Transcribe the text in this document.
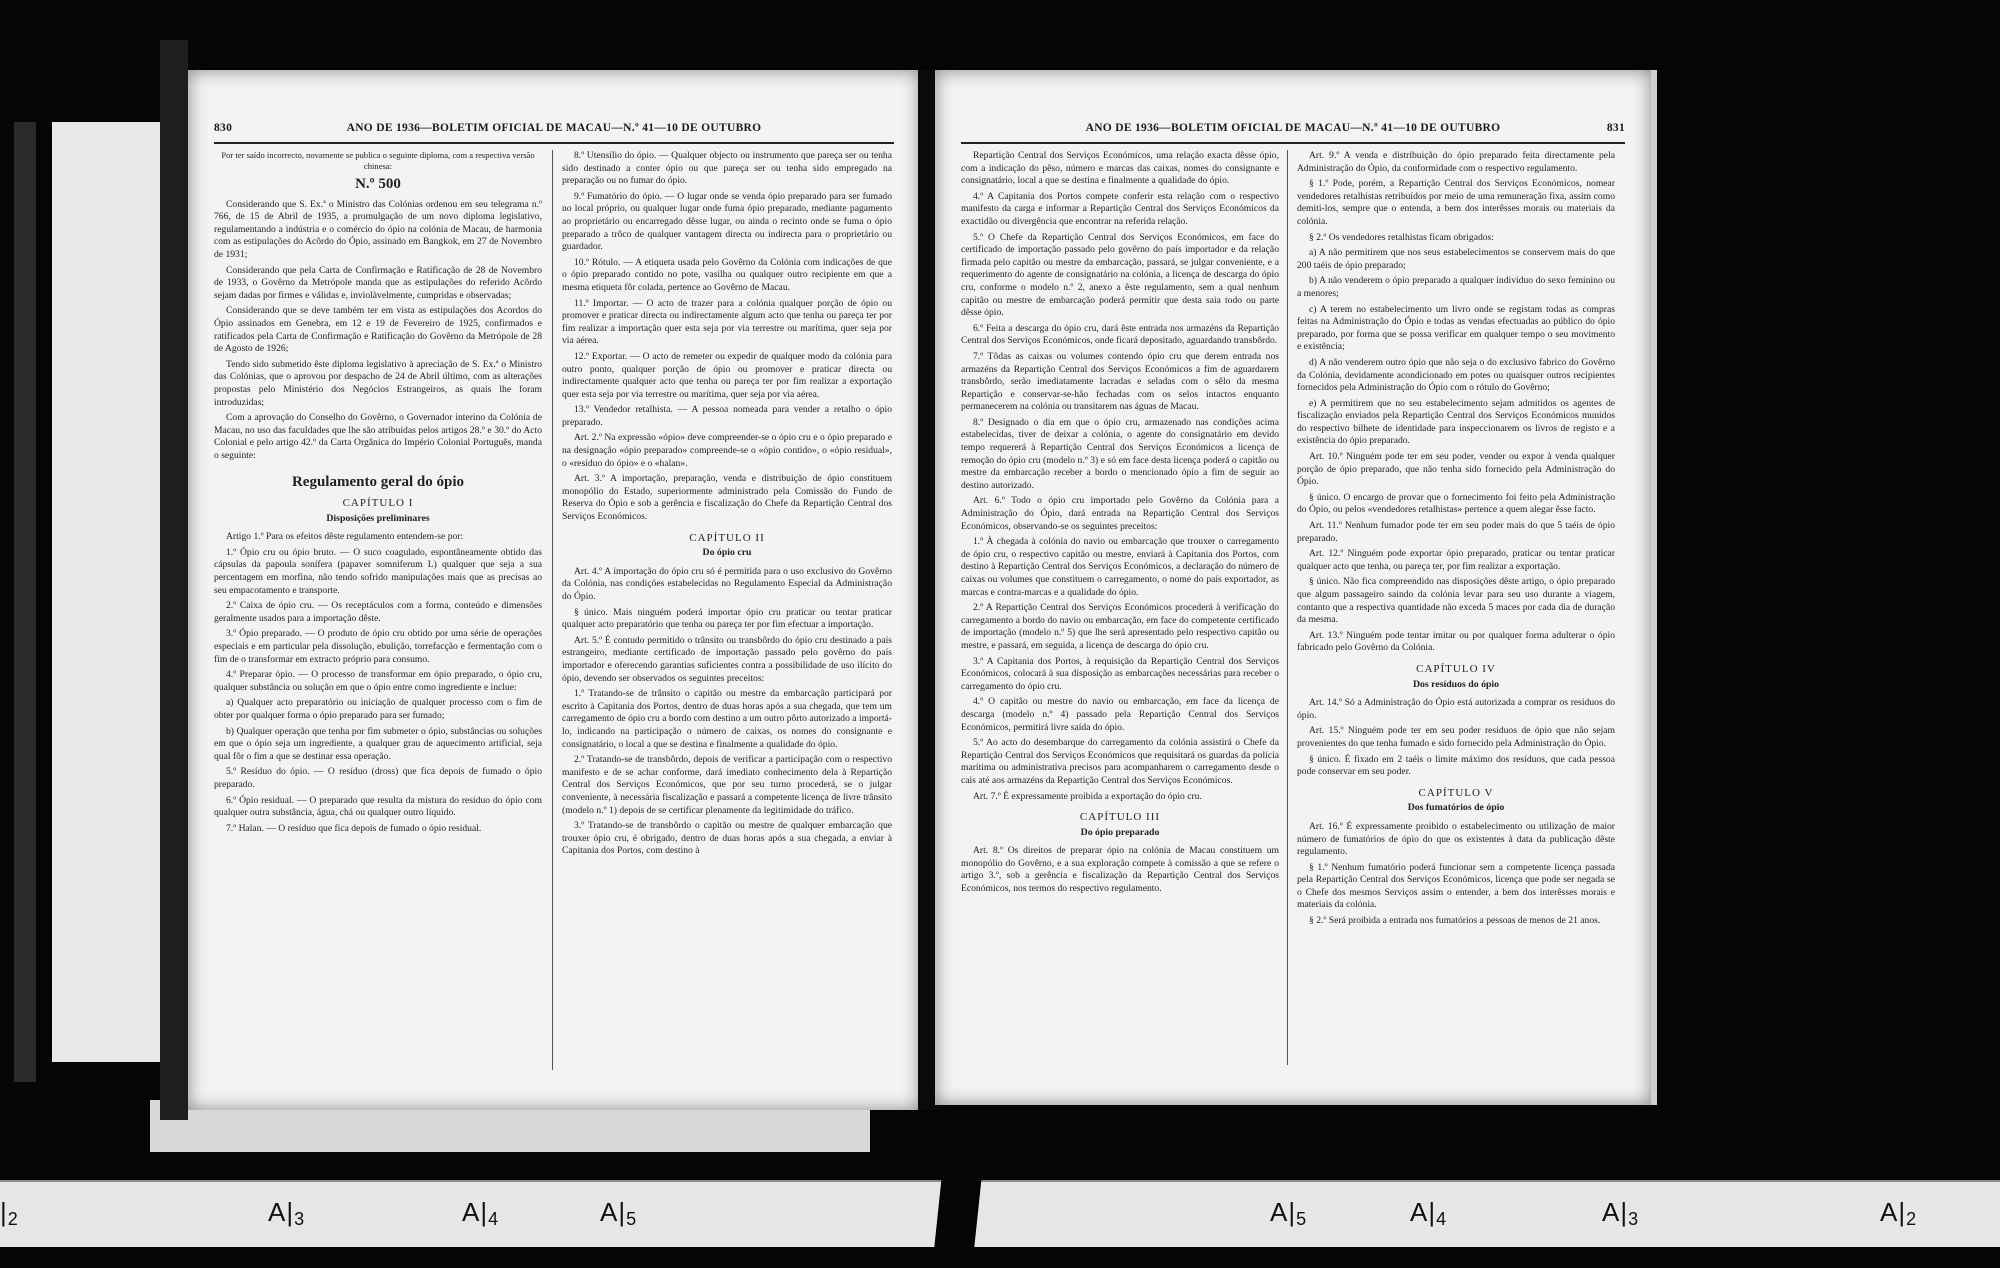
830	ANO DE 1936—BOLETIM OFICIAL DE MACAU—N.º 41—10 DE OUTUBRO

Por ter saído incorrecto, novamente se publica o seguinte diploma, com a respectiva versão chinesa:

N.º 500

Considerando que S. Ex.ª o Ministro das Colónias ordenou em seu telegrama n.º 766, de 15 de Abril de 1935, a promulgação de um novo diploma legislativo, regulamentando a indústria e o comércio do ópio na colónia de Macau, de harmonia com as estipulações do Acôrdo do Ópio, assinado em Bangkok, em 27 de Novembro de 1931;

Considerando que pela Carta de Confirmação e Ratificação de 28 de Novembro de 1933, o Govêrno da Metrópole manda que as estipulações do referido Acôrdo sejam dadas por firmes e válidas e, inviolàvelmente, cumpridas e observadas;

Considerando que se deve também ter em vista as estipulações dos Acordos do Ópio assinados em Genebra, em 12 e 19 de Fevereiro de 1925, confirmados e ratificados pela Carta de Confirmação e Ratificação do Govêrno da Metrópole de 28 de Agosto de 1926;

Tendo sido submetido êste diploma legislativo à apreciação de S. Ex.ª o Ministro das Colónias, que o aprovou por despacho de 24 de Abril último, com as alterações propostas pelo Ministério dos Negócios Estrangeiros, as quais lhe foram introduzidas;

Com a aprovação do Conselho do Govêrno, o Governador interino da Colónia de Macau, no uso das faculdades que lhe são atribuídas pelos artigos 28.º e 30.º do Acto Colonial e pelo artigo 42.º da Carta Orgânica do Império Colonial Português, manda o seguinte:

Regulamento geral do ópio
CAPÍTULO I
Disposições preliminares

Artigo 1.º Para os efeitos dêste regulamento entendem-se por:

1.º Ópio cru ou ópio bruto. — O suco coagulado, espontâneamente obtido das cápsulas da papoula sonífera (papaver somniferum L) qualquer que seja a sua percentagem em morfina, não tendo sofrido manipulações mais que as precisas ao seu empacotamento e transporte.

2.º Caixa de ópio cru. — Os receptáculos com a forma, conteúdo e dimensões geralmente usados para a importação dêste.

3.º Ópio preparado. — O produto de ópio cru obtido por uma série de operações especiais e em particular pela dissolução, ebulição, torrefacção e fermentação com o fim de o transformar em extracto próprio para consumo.

4.º Preparar ópio. — O processo de transformar em ópio preparado, o ópio cru, qualquer substância ou solução em que o ópio entre como ingrediente e inclue:

a) Qualquer acto preparatório ou iniciação de qualquer processo com o fim de obter por qualquer forma o ópio preparado para ser fumado;

b) Qualquer operação que tenha por fim submeter o ópio, substâncias ou soluções em que o ópio seja um ingrediente, a qualquer grau de aquecimento artificial, seja qual fôr o fim a que se destinar essa operação.

5.º Resíduo do ópio. — O resíduo (dross) que fica depois de fumado o ópio preparado.

6.º Ópio residual. — O preparado que resulta da mistura do resíduo do ópio com qualquer outra substância, água, chá ou qualquer outro líquido.

7.º Halan. — O resíduo que fica depois de fumado o ópio residual.

8.º Utensílio do ópio. — Qualquer objecto ou instrumento que pareça ser ou tenha sido destinado a conter ópio ou que pareça ser ou tenha sido empregado na preparação ou no fumar do ópio.

9.º Fumatório do ópio. — O lugar onde se venda ópio preparado para ser fumado no local próprio, ou qualquer lugar onde fuma ópio preparado, mediante pagamento ao proprietário ou encarregado dêsse lugar, ou ainda o recinto onde se fuma o ópio preparado a trôco de qualquer vantagem directa ou indirecta para o proprietário ou guardador.

10.º Rótulo. — A etiqueta usada pelo Govêrno da Colónia com indicações de que o ópio preparado contido no pote, vasilha ou qualquer outro recipiente em que a mesma etiqueta fôr colada, pertence ao Govêrno de Macau.

11.º Importar. — O acto de trazer para a colónia qualquer porção de ópio ou promover e praticar directa ou indirectamente algum acto que tenha ou pareça ter por fim realizar a importação quer esta seja por via terrestre ou marítima, quer seja por via aérea.

12.º Exportar. — O acto de remeter ou expedir de qualquer modo da colónia para outro ponto, qualquer porção de ópio ou promover e praticar directa ou indirectamente qualquer acto que tenha ou pareça ter por fim realizar a exportação quer esta seja por via terrestre ou marítima, quer seja por via aérea.

13.º Vendedor retalhista. — A pessoa nomeada para vender a retalho o ópio preparado.

Art. 2.º Na expressão «ópio» deve compreender-se o ópio cru e o ópio preparado e na designação «ópio preparado» compreende-se o «ópio contido», o «ópio residual», o «resíduo do ópio» e o «halan».

Art. 3.º A importação, preparação, venda e distribuição de ópio constituem monopólio do Estado, superiormente administrado pela Comissão do Fundo de Reserva do Ópio e sob a gerência e fiscalização do Chefe da Repartição Central dos Serviços Económicos.

CAPÍTULO II
Do ópio cru

Art. 4.º A importação do ópio cru só é permitida para o uso exclusivo do Govêrno da Colónia, nas condições estabelecidas no Regulamento Especial da Administração do Ópio.

§ único. Mais ninguém poderá importar ópio cru praticar ou tentar praticar qualquer acto preparatório que tenha ou pareça ter por fim efectuar a importação.

Art. 5.º É contudo permitido o trânsito ou transbôrdo do ópio cru destinado a país estrangeiro, mediante certificado de importação passado pelo govêrno do país importador e oferecendo garantias suficientes contra a possibilidade de uso ilícito do ópio, devendo ser observados os seguintes preceitos:

1.º Tratando-se de trânsito o capitão ou mestre da embarcação participará por escrito à Capitania dos Portos, dentro de duas horas após a sua chegada, que tem um carregamento de ópio cru a bordo com destino a um outro pôrto autorizado a importá-lo, indicando na participação o número de caixas, os nomes do consignante e consignatário, o local a que se destina e finalmente a qualidade do ópio.

2.º Tratando-se de transbôrdo, depois de verificar a participação com o respectivo manifesto e de se achar conforme, dará imediato conhecimento dela à Repartição Central dos Serviços Económicos, que por seu turno procederá, se o julgar conveniente, à necessária fiscalização e passará a competente licença de livre trânsito (modelo n.º 1) depois de se certificar plenamente da legitimidade do tráfico.

3.º Tratando-se de transbôrdo o capitão ou mestre de qualquer embarcação que trouxer ópio cru, é obrigado, dentro de duas horas após a sua chegada, a enviar à Capitania dos Portos, com destino à

ANO DE 1936—BOLETIM OFICIAL DE MACAU—N.º 41—10 DE OUTUBRO	831

Repartição Central dos Serviços Económicos, uma relação exacta dêsse ópio, com a indicação do pêso, número e marcas das caixas, nomes do consignante e consignatário, local a que se destina e finalmente a qualidade do ópio.

4.º A Capitania dos Portos compete conferir esta relação com o respectivo manifesto da carga e informar a Repartição Central dos Serviços Económicos da exactidão ou divergência que encontrar na referida relação.

5.º O Chefe da Repartição Central dos Serviços Económicos, em face do certificado de importação passado pelo govêrno do país importador e da relação firmada pelo capitão ou mestre da embarcação, passará, se julgar conveniente, e a requerimento do agente de consignatário na colónia, a licença de descarga do ópio cru, conforme o modelo n.º 2, anexo a êste regulamento, sem a qual nenhum capitão ou mestre de embarcação poderá permitir que desta saia todo ou parte dêsse ópio.

6.º Feita a descarga do ópio cru, dará êste entrada nos armazéns da Repartição Central dos Serviços Económicos, onde ficará depositado, aguardando transbôrdo.

7.º Tôdas as caixas ou volumes contendo ópio cru que derem entrada nos armazéns da Repartição Central dos Serviços Económicos a fim de aguardarem transbôrdo, serão imediatamente lacradas e seladas com o sêlo da mesma Repartição e conservar-se-hão fechadas com os selos intactos enquanto permanecerem na colónia ou transitarem nas águas de Macau.

8.º Designado o dia em que o ópio cru, armazenado nas condições acima estabelecidas, tiver de deixar a colónia, o agente do consignatário em devido tempo requererá à Repartição Central dos Serviços Económicos a licença de remoção do ópio cru (modelo n.º 3) e só em face desta licença poderá o capitão ou mestre da embarcação receber a bordo o mencionado ópio a fim de seguir ao destino autorizado.

Art. 6.º Todo o ópio cru importado pelo Govêrno da Colónia para a Administração do Ópio, dará entrada na Repartição Central dos Serviços Económicos, observando-se os seguintes preceitos:

1.º À chegada à colónia do navio ou embarcação que trouxer o carregamento de ópio cru, o respectivo capitão ou mestre, enviará à Capitania dos Portos, com destino à Repartição Central dos Serviços Económicos, a declaração do número de caixas ou volumes que constituem o carregamento, o nome do país exportador, as marcas e contra-marcas e a qualidade do ópio.

2.º A Repartição Central dos Serviços Económicos procederá à verificação do carregamento a bordo do navio ou embarcação, em face do competente certificado de importação (modelo n.º 5) que lhe será apresentado pelo respectivo capitão ou mestre, e passará, em seguida, a licença de descarga do ópio cru.

3.º A Capitania dos Portos, à requisição da Repartição Central dos Serviços Económicos, colocará à sua disposição as embarcações necessárias para receber o carregamento do ópio cru.

4.º O capitão ou mestre do navio ou embarcação, em face da licença de descarga (modelo n.º 4) passado pela Repartição Central dos Serviços Económicos, permitirá livre saída do ópio.

5.º Ao acto do desembarque do carregamento da colónia assistirá o Chefe da Repartição Central dos Serviços Económicos que requisitará os guardas da polícia marítima ou administrativa precisos para acompanharem o carregamento desde o cais até aos armazéns da Repartição Central dos Serviços Económicos.

Art. 7.º É expressamente proibida a exportação do ópio cru.

CAPÍTULO III
Do ópio preparado

Art. 8.º Os direitos de preparar ópio na colónia de Macau constituem um monopólio do Govêrno, e a sua exploração compete à comissão a que se refere o artigo 3.º, sob a gerência e fiscalização da Repartição Central dos Serviços Económicos, nos termos do respectivo regulamento.

Art. 9.º A venda e distribuição do ópio preparado feita directamente pela Administração do Ópio, da conformidade com o respectivo regulamento.

§ 1.º Pode, porém, a Repartição Central dos Serviços Económicos, nomear vendedores retalhistas retribuídos por meio de uma remuneração fixa, assim como demiti-los, sempre que o entenda, a bem dos interêsses morais ou materiais da colónia.

§ 2.º Os vendedores retalhistas ficam obrigados:

a) A não permitirem que nos seus estabelecimentos se conservem mais do que 200 taéis de ópio preparado;

b) A não venderem o ópio preparado a qualquer indivíduo do sexo feminino ou a menores;

c) A terem no estabelecimento um livro onde se registam todas as compras feitas na Administração do Ópio e todas as vendas efectuadas ao público do ópio preparado, por forma que se possa verificar em qualquer tempo o seu movimento e existência;

d) A não venderem outro ópio que não seja o do exclusivo fabrico do Govêrno da Colónia, devidamente acondicionado em potes ou quaisquer outros recipientes fornecidos pela Administração do Ópio com o rótulo do Govêrno;

e) A permitirem que no seu estabelecimento sejam admitidos os agentes de fiscalização enviados pela Repartição Central dos Serviços Económicos munidos do respectivo bilhete de identidade para inspeccionarem os livros de registo e a existência do ópio preparado.

Art. 10.º Ninguém pode ter em seu poder, vender ou expor à venda qualquer porção de ópio preparado, que não tenha sido fornecido pela Administração do Ópio.

§ único. O encargo de provar que o fornecimento foi feito pela Administração do Ópio, ou pelos «vendedores retalhistas» pertence a quem alegar êsse facto.

Art. 11.º Nenhum fumador pode ter em seu poder mais do que 5 taéis de ópio preparado.

Art. 12.º Ninguém pode exportar ópio preparado, praticar ou tentar praticar qualquer acto que tenha, ou pareça ter, por fim realizar a exportação.

§ único. Não fica compreendido nas disposições dêste artigo, o ópio preparado que algum passageiro saindo da colónia levar para seu uso durante a viagem, contanto que a respectiva quantidade não exceda 5 maces por cada dia de duração da mesma.

Art. 13.º Ninguém pode tentar imitar ou por qualquer forma adulterar o ópio fabricado pelo Govêrno da Colónia.

CAPÍTULO IV
Dos resíduos do ópio

Art. 14.º Só a Administração do Ópio está autorizada a comprar os resíduos do ópio.

Art. 15.º Ninguém pode ter em seu poder resíduos de ópio que não sejam provenientes do que tenha fumado e sido fornecido pela Administração do Ópio.

§ único. É fixado em 2 taéis o limite máximo dos resíduos, que cada pessoa pode conservar em seu poder.

CAPÍTULO V
Dos fumatórios de ópio

Art. 16.º É expressamente proibido o estabelecimento ou utilização de maior número de fumatórios de ópio do que os existentes à data da publicação dêste regulamento.

§ 1.º Nenhum fumatório poderá funcionar sem a competente licença passada pela Repartição Central dos Serviços Económicos, licença que pode ser negada se o Chefe dos mesmos Serviços assim o entender, a bem dos interêsses morais e materiais da colónia.

§ 2.º Será proibida a entrada nos fumatórios a pessoas de menos de 21 anos.

$|_2$	$A|_3$	$A|_4$	$A|_5$	$A|_5$	$A|_4$	$A|_3$	$A|_2$
